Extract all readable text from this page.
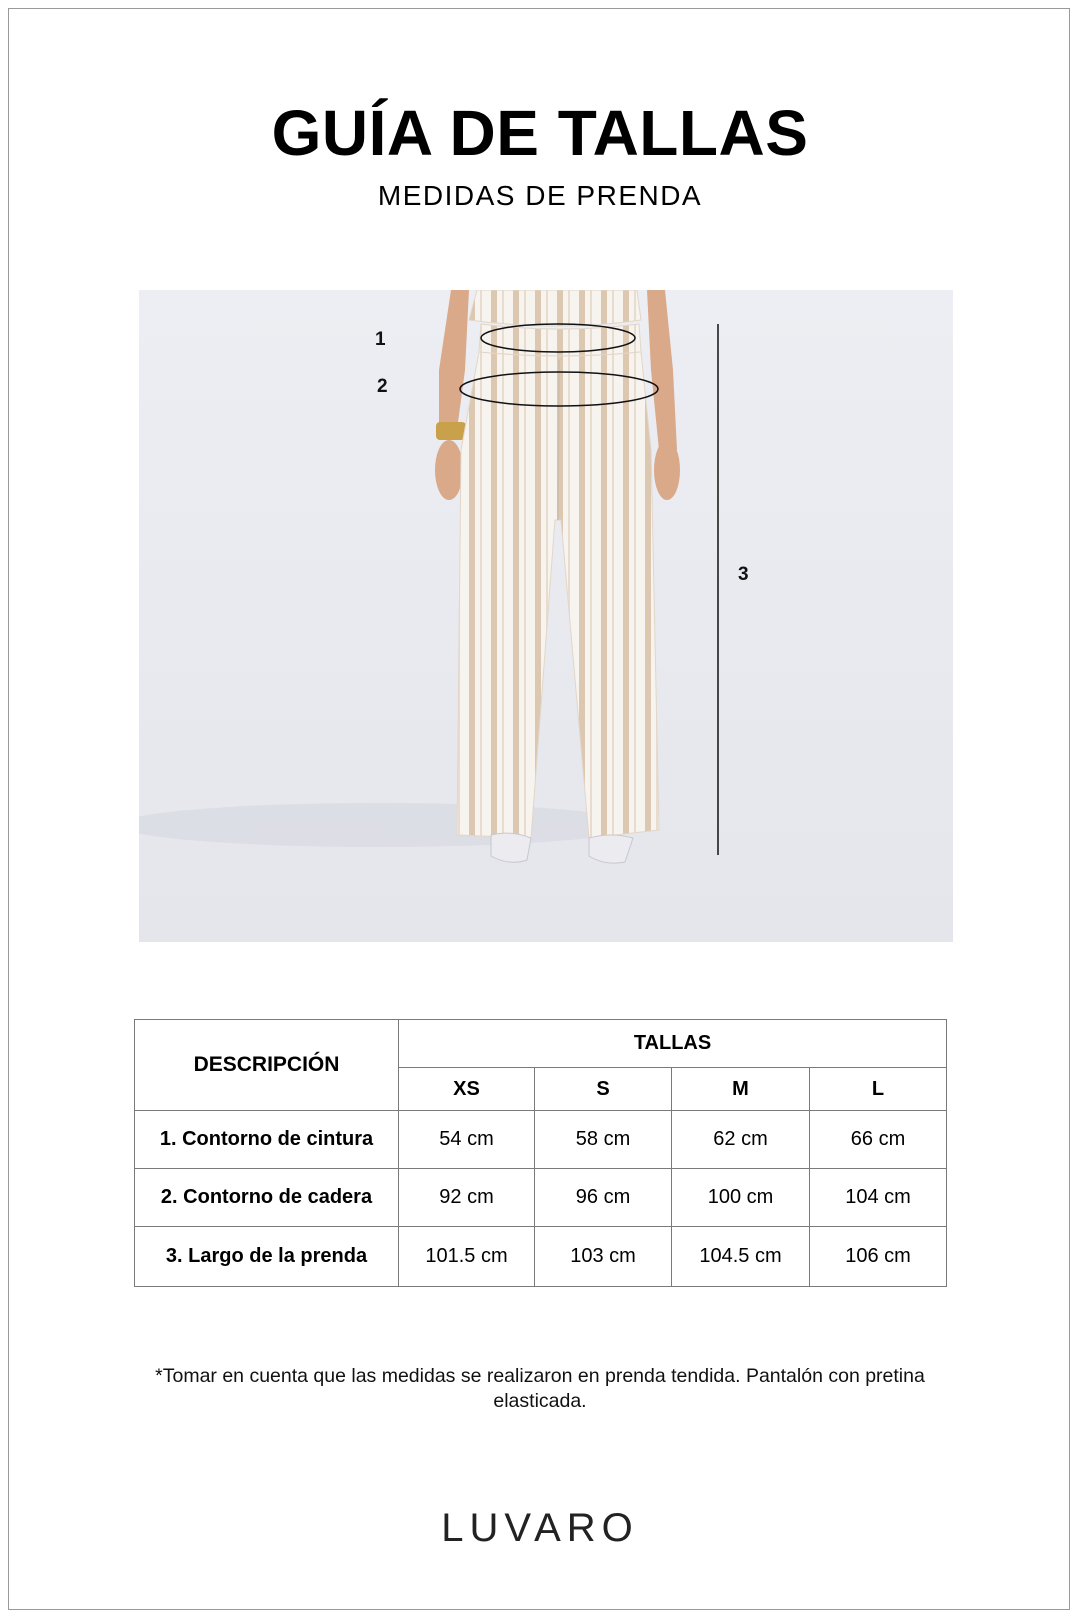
GUÍA DE TALLAS
MEDIDAS DE PRENDA
1
2
3
DESCRIPCIÓN	TALLAS			
	XS	S	M	L
1. Contorno de cintura	54 cm	58 cm	62 cm	66 cm
2. Contorno de cadera	92 cm	96 cm	100 cm	104 cm
3. Largo de la prenda	101.5 cm	103 cm	104.5 cm	106 cm
*Tomar en cuenta que las medidas se realizaron en prenda tendida. Pantalón con pretina elasticada.
LUVARO
